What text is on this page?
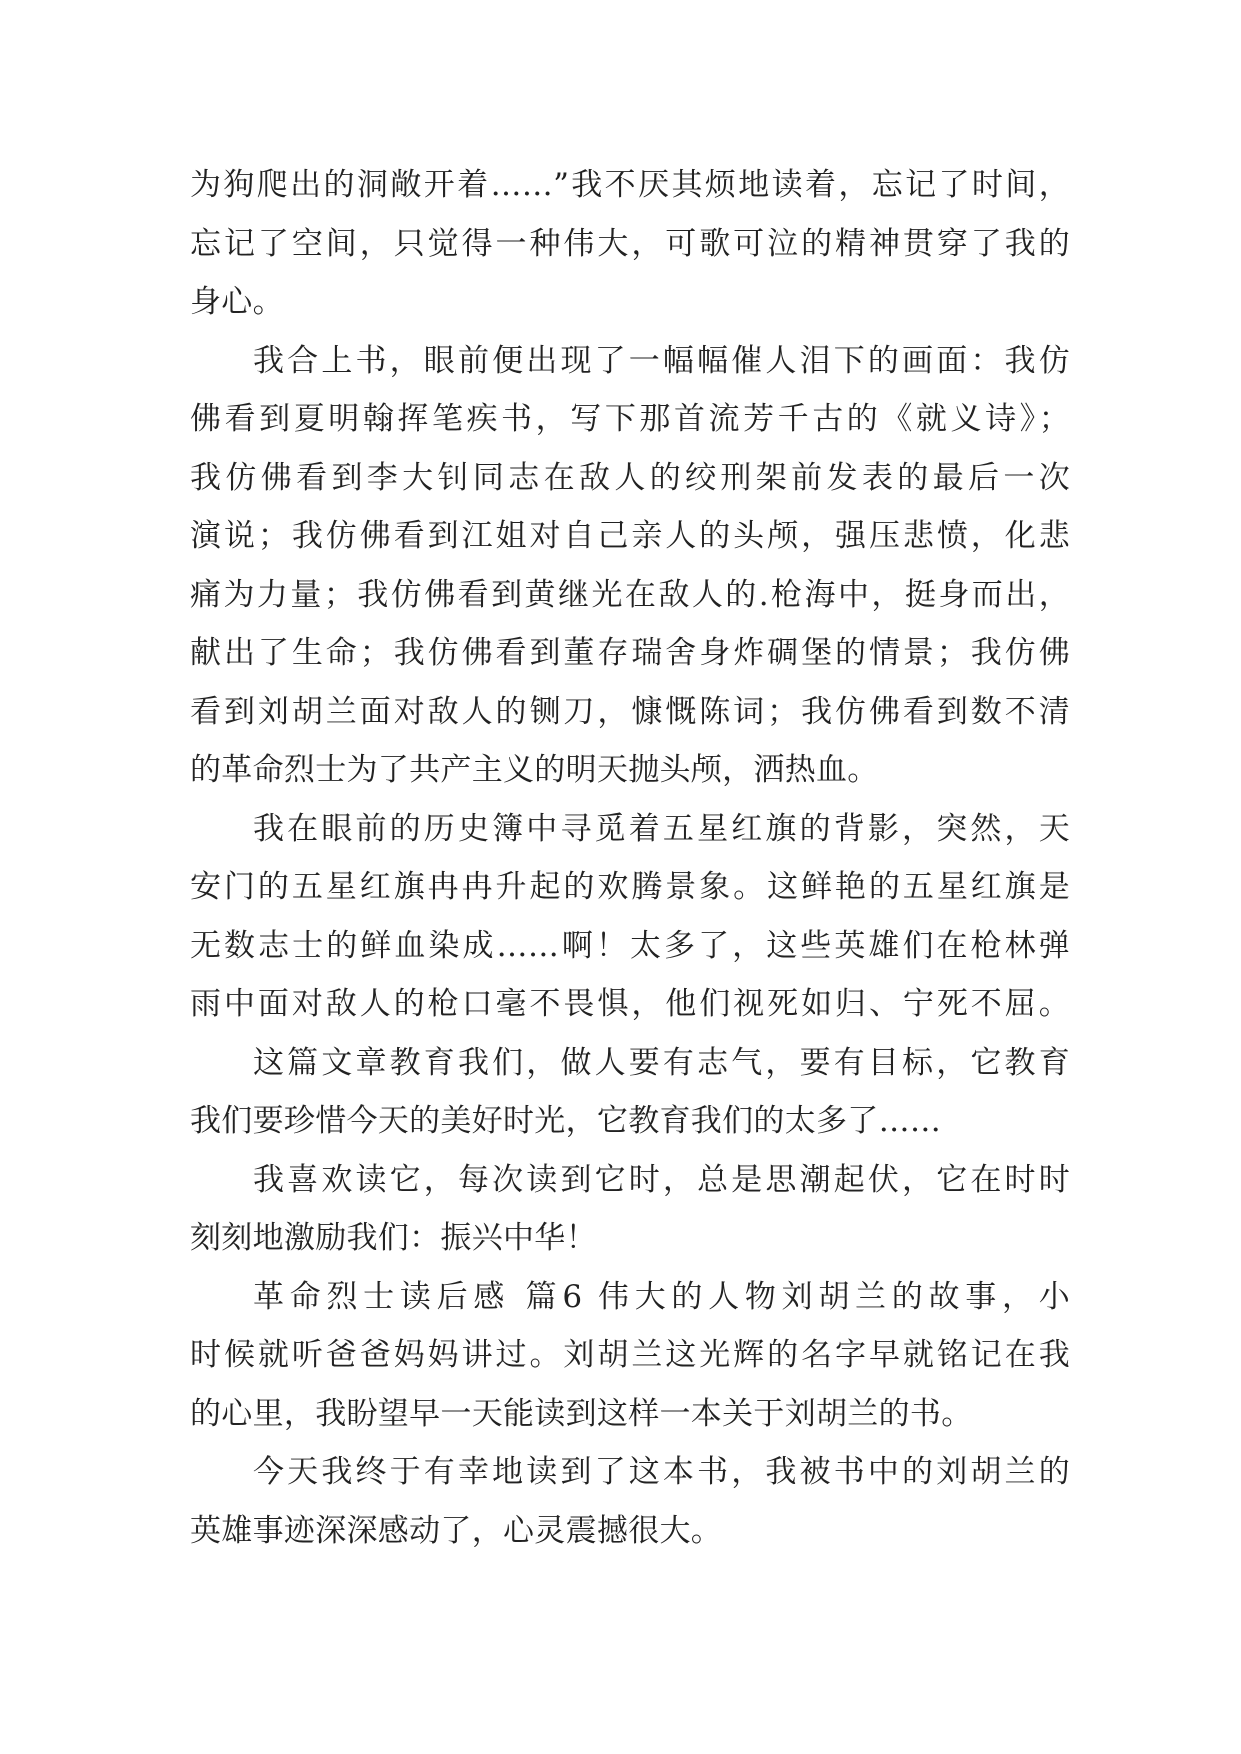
为狗爬出的洞敞开着……”我不厌其烦地读着，忘记了时间，
忘记了空间，只觉得一种伟大，可歌可泣的精神贯穿了我的
身心。
我合上书，眼前便出现了一幅幅催人泪下的画面：我仿
佛看到夏明翰挥笔疾书，写下那首流芳千古的《就义诗》；
我仿佛看到李大钊同志在敌人的绞刑架前发表的最后一次
演说；我仿佛看到江姐对自己亲人的头颅，强压悲愤，化悲
痛为力量；我仿佛看到黄继光在敌人的.枪海中，挺身而出，
献出了生命；我仿佛看到董存瑞舍身炸碉堡的情景；我仿佛
看到刘胡兰面对敌人的铡刀，慷慨陈词；我仿佛看到数不清
的革命烈士为了共产主义的明天抛头颅，洒热血。
我在眼前的历史簿中寻觅着五星红旗的背影，突然，天
安门的五星红旗冉冉升起的欢腾景象。这鲜艳的五星红旗是
无数志士的鲜血染成……啊！太多了，这些英雄们在枪林弹
雨中面对敌人的枪口毫不畏惧，他们视死如归、宁死不屈。
这篇文章教育我们，做人要有志气，要有目标，它教育
我们要珍惜今天的美好时光，它教育我们的太多了……
我喜欢读它，每次读到它时，总是思潮起伏，它在时时
刻刻地激励我们：振兴中华！
革命烈士读后感 篇6 伟大的人物刘胡兰的故事，小
时候就听爸爸妈妈讲过。刘胡兰这光辉的名字早就铭记在我
的心里，我盼望早一天能读到这样一本关于刘胡兰的书。
今天我终于有幸地读到了这本书，我被书中的刘胡兰的
英雄事迹深深感动了，心灵震撼很大。
